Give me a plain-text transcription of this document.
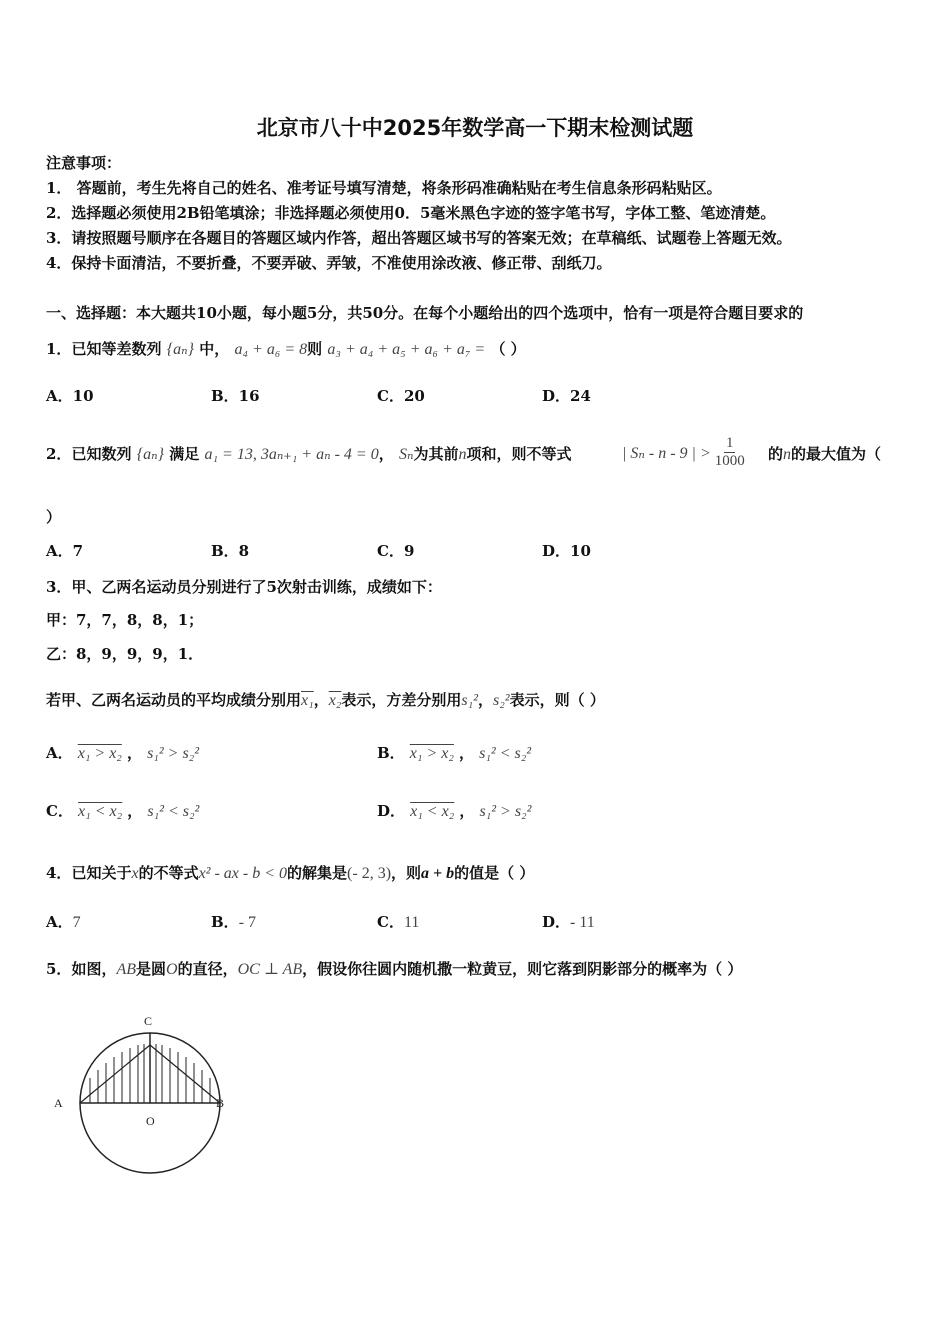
北京市八十中2025年数学高一下期末检测试题
注意事项：
1． 答题前，考生先将自己的姓名、准考证号填写清楚，将条形码准确粘贴在考生信息条形码粘贴区。
2．选择题必须使用2B铅笔填涂；非选择题必须使用0．5毫米黑色字迹的签字笔书写，字体工整、笔迹清楚。
3．请按照题号顺序在各题目的答题区域内作答，超出答题区域书写的答案无效；在草稿纸、试题卷上答题无效。
4．保持卡面清洁，不要折叠，不要弄破、弄皱，不准使用涂改液、修正带、刮纸刀。
一、选择题：本大题共10小题，每小题5分，共50分。在每个小题给出的四个选项中，恰有一项是符合题目要求的
1．已知等差数列 {aₙ} 中， a₄ + a₆ = 8则 a₃ + a₄ + a₅ + a₆ + a₇ = （ ）
A．10	B．16	C．20	D．24
2．已知数列 {aₙ} 满足 a₁ = 13, 3aₙ₊₁ + aₙ - 4 = 0， Sₙ为其前n项和，则不等式	| Sₙ - n - 9 | > $\frac{1}{1000}$ 的n的最大值为（
）
A．7	B．8	C．9	D．10
3．甲、乙两名运动员分别进行了5次射击训练，成绩如下：
甲：7，7，8，8，1；
乙：8，9，9，9，1．
若甲、乙两名运动员的平均成绩分别用x₁，x₂表示，方差分别用s₁²，s₂²表示，则（ ）
A． x₁ > x₂ ， s₁² > s₂²	B． x₁ > x₂ ， s₁² < s₂²
C． x₁ < x₂ ， s₁² < s₂²	D． x₁ < x₂ ， s₁² > s₂²
4．已知关于x的不等式x² - ax - b < 0的解集是(- 2, 3)，则a + b的值是（ ）
A．7	B．- 7	C．11	D．- 11
5．如图，AB是圆O的直径，OC ⊥ AB，假设你往圆内随机撒一粒黄豆，则它落到阴影部分的概率为（ ）
C
A	B
O
